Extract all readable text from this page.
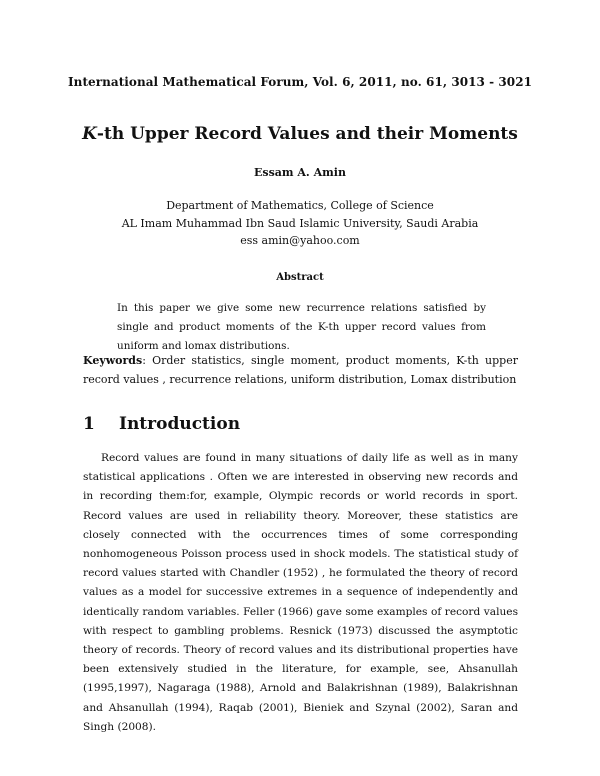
International Mathematical Forum, Vol. 6, 2011, no. 61, 3013 - 3021
K-th Upper Record Values and their Moments
Essam A. Amin
Department of Mathematics, College of Science
AL Imam Muhammad Ibn Saud Islamic University, Saudi Arabia
ess amin@yahoo.com
Abstract
In this paper we give some new recurrence relations satisfied by single and product moments of the K-th upper record values from uniform and lomax distributions.
Keywords: Order statistics, single moment, product moments, K-th upper record values , recurrence relations, uniform distribution, Lomax distribution
1 Introduction
Record values are found in many situations of daily life as well as in many statistical applications . Often we are interested in observing new records and in recording them:for, example, Olympic records or world records in sport. Record values are used in reliability theory. Moreover, these statistics are closely connected with the occurrences times of some corresponding nonhomogeneous Poisson process used in shock models. The statistical study of record values started with Chandler (1952) , he formulated the theory of record values as a model for successive extremes in a sequence of independently and identically random variables. Feller (1966) gave some examples of record values with respect to gambling problems. Resnick (1973) discussed the asymptotic theory of records. Theory of record values and its distributional properties have been extensively studied in the literature, for example, see, Ahsanullah (1995,1997), Nagaraga (1988), Arnold and Balakrishnan (1989), Balakrishnan and Ahsanullah (1994), Raqab (2001), Bieniek and Szynal (2002), Saran and Singh (2008).
